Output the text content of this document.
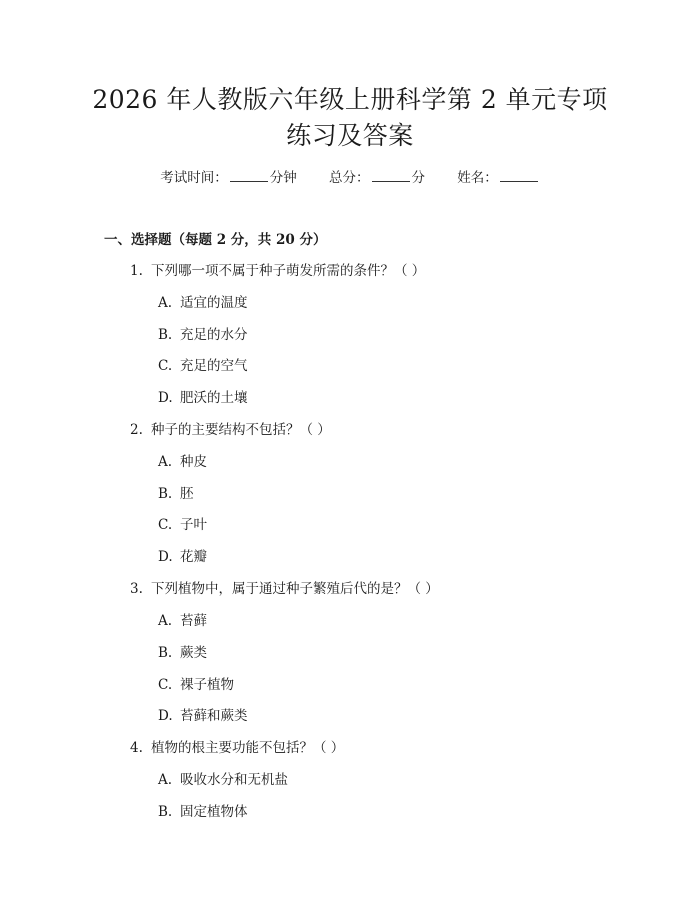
2026 年人教版六年级上册科学第 2 单元专项
练习及答案
考试时间：	分钟 总分：	分 姓名：
一、选择题（每题 2 分，共 20 分）
1. 下列哪一项不属于种子萌发所需的条件？（ ）
A. 适宜的温度
B. 充足的水分
C. 充足的空气
D. 肥沃的土壤
2. 种子的主要结构不包括？（ ）
A. 种皮
B. 胚
C. 子叶
D. 花瓣
3. 下列植物中，属于通过种子繁殖后代的是？（ ）
A. 苔藓
B. 蕨类
C. 裸子植物
D. 苔藓和蕨类
4. 植物的根主要功能不包括？（ ）
A. 吸收水分和无机盐
B. 固定植物体
